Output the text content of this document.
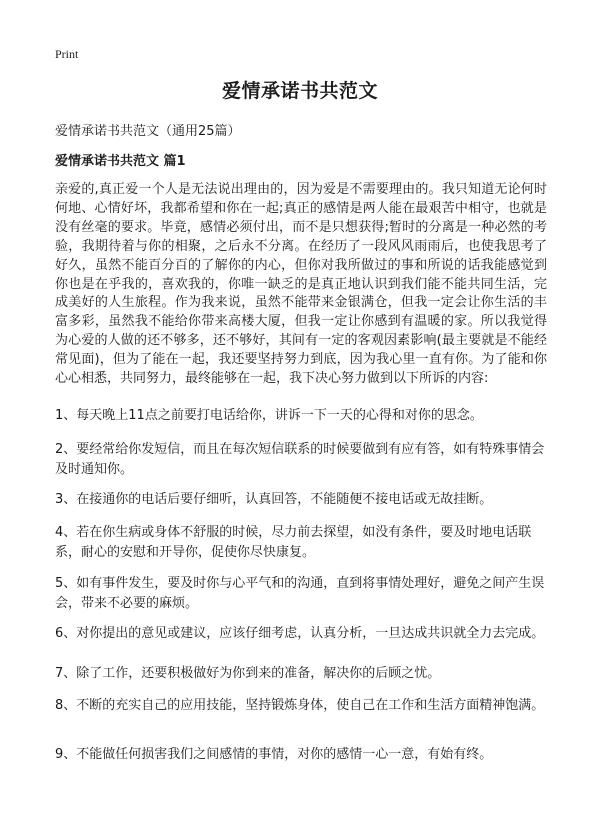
Print
爱情承诺书共范文
爱情承诺书共范文（通用25篇）
爱情承诺书共范文 篇1

亲爱的,真正爱一个人是无法说出理由的，因为爱是不需要理由的。我只知道无论何时何地、心情好坏，我都希望和你在一起;真正的感情是两人能在最艰苦中相守，也就是没有丝毫的要求。毕竟，感情必须付出，而不是只想获得;暂时的分离是一种必然的考验，我期待着与你的相聚，之后永不分离。在经历了一段风风雨雨后，也使我思考了好久，虽然不能百分百的了解你的内心，但你对我所做过的事和所说的话我能感觉到你也是在乎我的，喜欢我的，你唯一缺乏的是真正地认识到我们能不能共同生活，完成美好的人生旅程。作为我来说，虽然不能带来金银满仓，但我一定会让你生活的丰富多彩，虽然我不能给你带来高楼大厦，但我一定让你感到有温暖的家。所以我觉得为心爱的人做的还不够多，还不够好，其间有一定的客观因素影响(最主要就是不能经常见面)，但为了能在一起，我还要坚持努力到底，因为我心里一直有你。为了能和你心心相悉，共同努力，最终能够在一起，我下决心努力做到以下所诉的内容:

1、每天晚上11点之前要打电话给你，讲诉一下一天的心得和对你的思念。

2、要经常给你发短信，而且在每次短信联系的时候要做到有应有答，如有特殊事情会及时通知你。

3、在接通你的电话后要仔细听，认真回答，不能随便不接电话或无故挂断。

4、若在你生病或身体不舒服的时候，尽力前去探望，如没有条件，要及时地电话联系，耐心的安慰和开导你，促使你尽快康复。

5、如有事件发生，要及时你与心平气和的沟通，直到将事情处理好，避免之间产生误会，带来不必要的麻烦。

6、对你提出的意见或建议，应该仔细考虑，认真分析，一旦达成共识就全力去完成。

7、除了工作，还要积极做好为你到来的准备，解决你的后顾之忧。

8、不断的充实自己的应用技能，坚持锻炼身体，使自己在工作和生活方面精神饱满。

9、不能做任何损害我们之间感情的事情，对你的感情一心一意，有始有终。
